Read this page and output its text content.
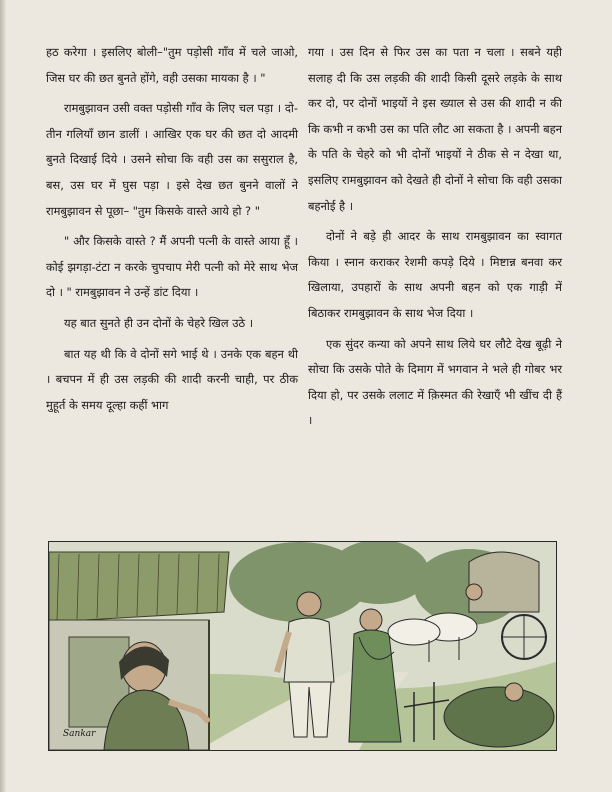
हठ करेगा । इसलिए बोली–"तुम पड़ोसी गाँव में चले जाओ, जिस घर की छत बुनते होंगे, वही उसका मायका है । "

रामबुझावन उसी वक्त पड़ोसी गाँव के लिए चल पड़ा । दो-तीन गलियाँ छान डालीं । आखिर एक घर की छत दो आदमी बुनते दिखाई दिये । उसने सोचा कि वही उस का ससुराल है, बस, उस घर में घुस पड़ा । इसे देख छत बुनने वालों ने रामबुझावन से पूछा– "तुम किसके वास्ते आये हो ? "

" और किसके वास्ते ? मैं अपनी पत्नी के वास्ते आया हूँ । कोई झगड़ा-टंटा न करके चुपचाप मेरी पत्नी को मेरे साथ भेज दो । " रामबुझावन ने उन्हें डांट दिया ।

यह बात सुनते ही उन दोनों के चेहरे खिल उठे ।

बात यह थी कि वे दोनों सगे भाई थे । उनके एक बहन थी । बचपन में ही उस लड़की की शादी करनी चाही, पर ठीक मुहूर्त के समय दूल्हा कहीं भाग

गया । उस दिन से फिर उस का पता न चला । सबने यही सलाह दी कि उस लड़की की शादी किसी दूसरे लड़के के साथ कर दो, पर दोनों भाइयों ने इस ख्याल से उस की शादी न की कि कभी न कभी उस का पति लौट आ सकता है । अपनी बहन के पति के चेहरे को भी दोनों भाइयों ने ठीक से न देखा था, इसलिए रामबुझावन को देखते ही दोनों ने सोचा कि वही उसका बहनोई है ।

दोनों ने बड़े ही आदर के साथ रामबुझावन का स्वागत किया । स्नान कराकर रेशमी कपड़े दिये । मिष्टान्न बनवा कर खिलाया, उपहारों के साथ अपनी बहन को एक गाड़ी में बिठाकर रामबुझावन के साथ भेज दिया ।

एक सुंदर कन्या को अपने साथ लिये घर लौटे देख बूढ़ी ने सोचा कि उसके पोते के दिमाग में भगवान ने भले ही गोबर भर दिया हो, पर उसके ललाट में क़िस्मत की रेखाएँ भी खींच दी हैं ।

Sankar
